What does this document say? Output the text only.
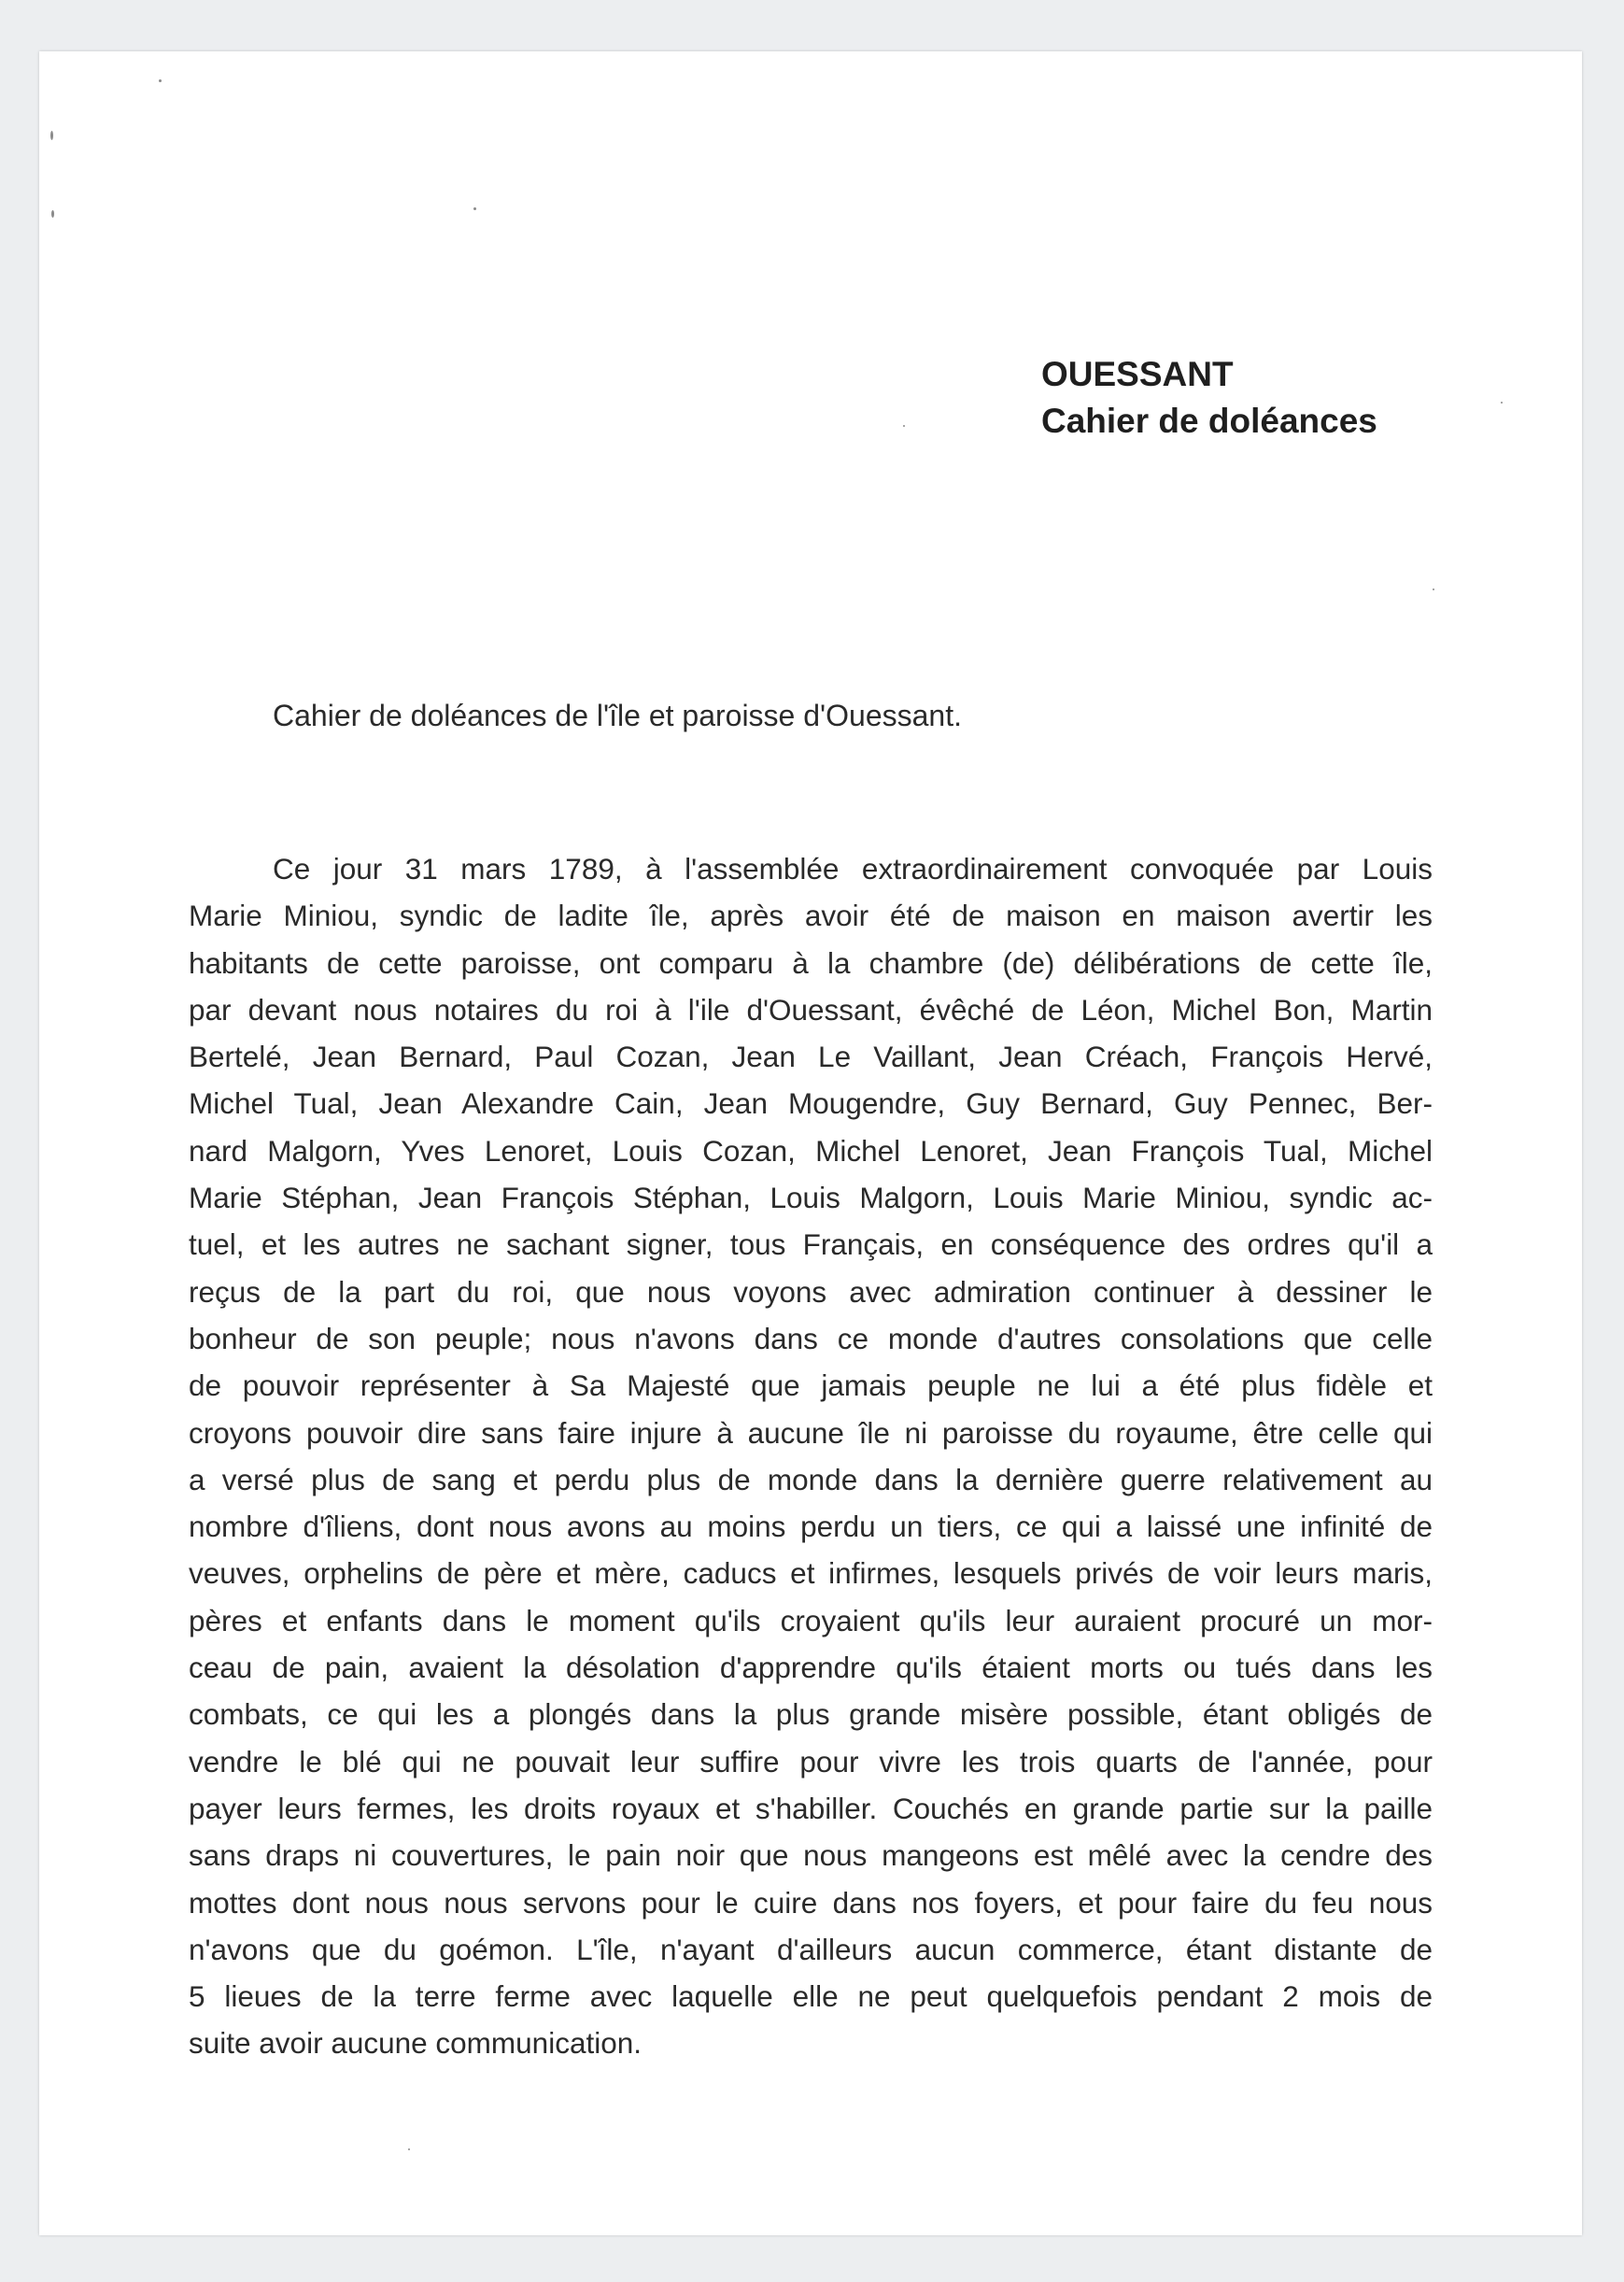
OUESSANT
Cahier de doléances
Cahier de doléances de l'île et paroisse d'Ouessant.
Ce jour 31 mars 1789, à l'assemblée extraordinairement convoquée par Louis
Marie Miniou, syndic de ladite île, après avoir été de maison en maison avertir les
habitants de cette paroisse, ont comparu à la chambre (de) délibérations de cette île,
par devant nous notaires du roi à l'ile d'Ouessant, évêché de Léon, Michel Bon, Martin
Bertelé, Jean Bernard, Paul Cozan, Jean Le Vaillant, Jean Créach, François Hervé,
Michel Tual, Jean Alexandre Cain, Jean Mougendre, Guy Bernard, Guy Pennec, Ber-
nard Malgorn, Yves Lenoret, Louis Cozan, Michel Lenoret, Jean François Tual, Michel
Marie Stéphan, Jean François Stéphan, Louis Malgorn, Louis Marie Miniou, syndic ac-
tuel, et les autres ne sachant signer, tous Français, en conséquence des ordres qu'il a
reçus de la part du roi, que nous voyons avec admiration continuer à dessiner le
bonheur de son peuple; nous n'avons dans ce monde d'autres consolations que celle
de pouvoir représenter à Sa Majesté que jamais peuple ne lui a été plus fidèle et
croyons pouvoir dire sans faire injure à aucune île ni paroisse du royaume, être celle qui
a versé plus de sang et perdu plus de monde dans la dernière guerre relativement au
nombre d'îliens, dont nous avons au moins perdu un tiers, ce qui a laissé une infinité de
veuves, orphelins de père et mère, caducs et infirmes, lesquels privés de voir leurs maris,
pères et enfants dans le moment qu'ils croyaient qu'ils leur auraient procuré un mor-
ceau de pain, avaient la désolation d'apprendre qu'ils étaient morts ou tués dans les
combats, ce qui les a plongés dans la plus grande misère possible, étant obligés de
vendre le blé qui ne pouvait leur suffire pour vivre les trois quarts de l'année, pour
payer leurs fermes, les droits royaux et s'habiller. Couchés en grande partie sur la paille
sans draps ni couvertures, le pain noir que nous mangeons est mêlé avec la cendre des
mottes dont nous nous servons pour le cuire dans nos foyers, et pour faire du feu nous
n'avons que du goémon. L'île, n'ayant d'ailleurs aucun commerce, étant distante de
5 lieues de la terre ferme avec laquelle elle ne peut quelquefois pendant 2 mois de
suite avoir aucune communication.
